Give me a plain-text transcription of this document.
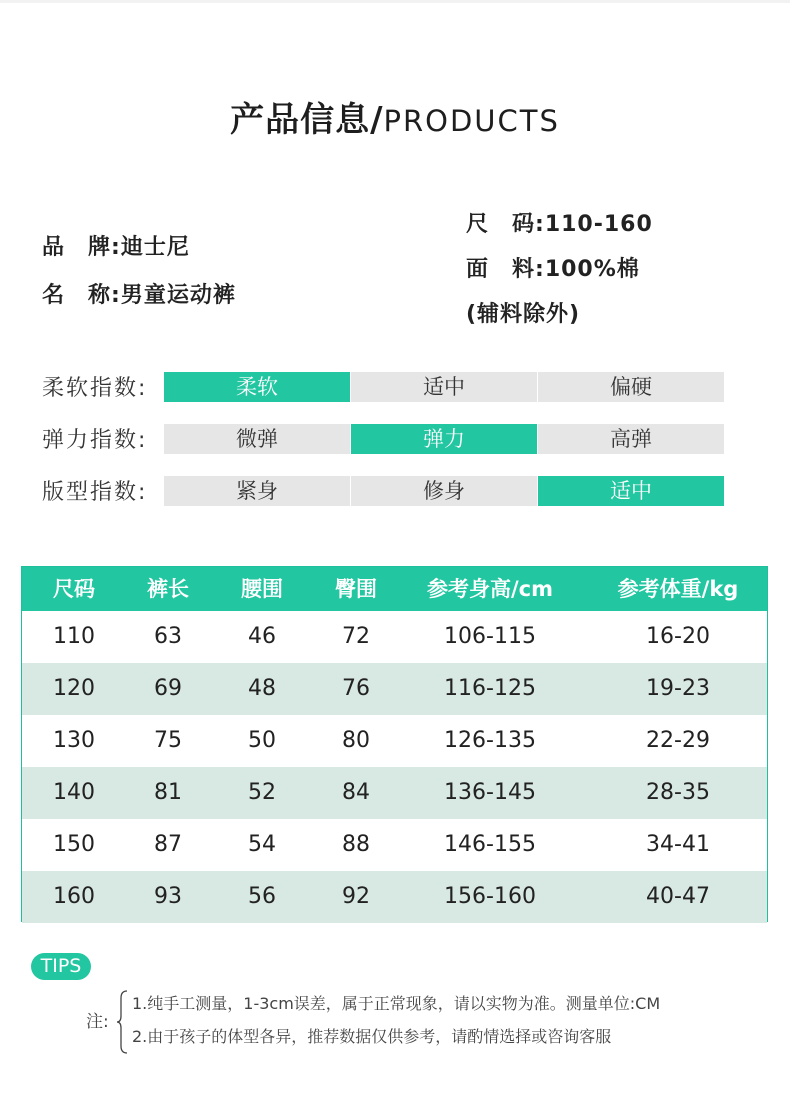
产品信息/PRODUCTS
品　牌:迪士尼
名　称:男童运动裤
尺　码:110-160
面　料:100%棉
(辅料除外)
柔软指数:	柔软	适中	偏硬
弹力指数:	微弹	弹力	高弹
版型指数:	紧身	修身	适中
尺码	裤长	腰围	臀围	参考身高/cm	参考体重/kg
110	63	46	72	106-115	16-20
120	69	48	76	116-125	19-23
130	75	50	80	126-135	22-29
140	81	52	84	136-145	28-35
150	87	54	88	146-155	34-41
160	93	56	92	156-160	40-47
TIPS
注:
1.纯手工测量，1-3cm误差，属于正常现象，请以实物为准。测量单位:CM
2.由于孩子的体型各异，推荐数据仅供参考，请酌情选择或咨询客服
